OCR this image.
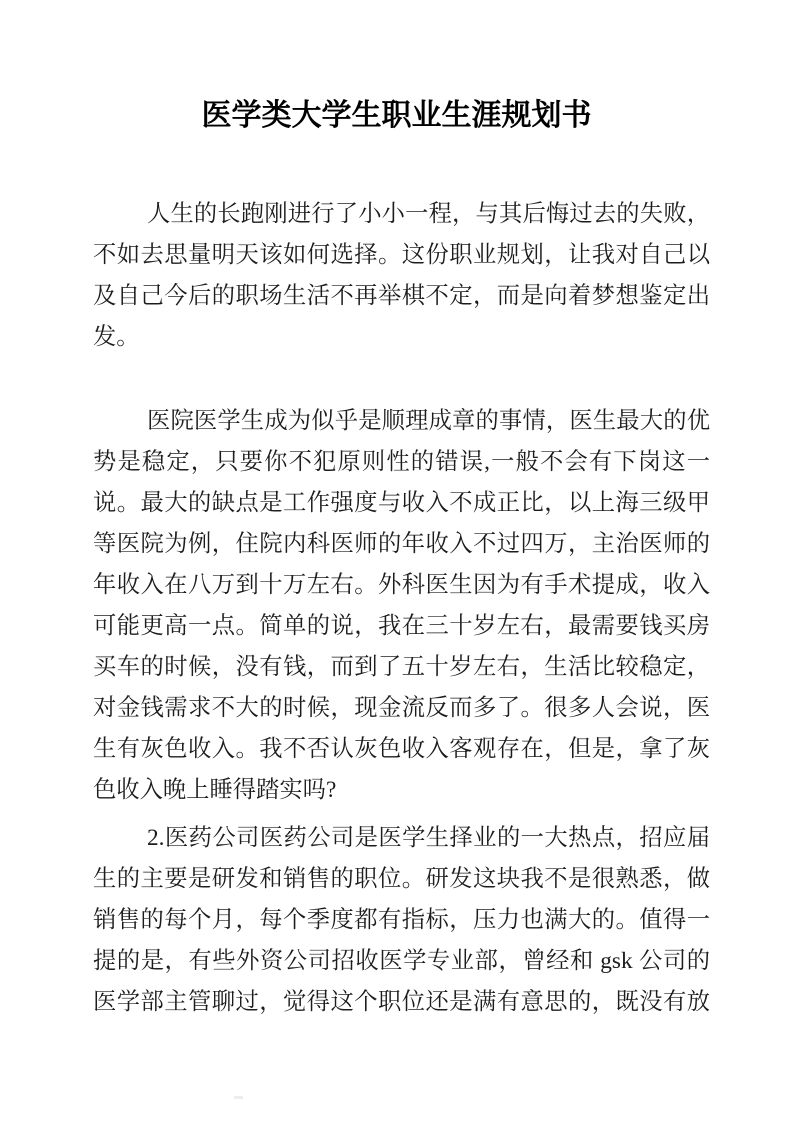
医学类大学生职业生涯规划书
人生的长跑刚进行了小小一程，与其后悔过去的失败，
不如去思量明天该如何选择。这份职业规划，让我对自己以
及自己今后的职场生活不再举棋不定，而是向着梦想鉴定出
发。
医院医学生成为似乎是顺理成章的事情，医生最大的优
势是稳定，只要你不犯原则性的错误,一般不会有下岗这一
说。最大的缺点是工作强度与收入不成正比，以上海三级甲
等医院为例，住院内科医师的年收入不过四万，主治医师的
年收入在八万到十万左右。外科医生因为有手术提成，收入
可能更高一点。简单的说，我在三十岁左右，最需要钱买房
买车的时候，没有钱，而到了五十岁左右，生活比较稳定，
对金钱需求不大的时候，现金流反而多了。很多人会说，医
生有灰色收入。我不否认灰色收入客观存在，但是，拿了灰
色收入晚上睡得踏实吗?
2.医药公司医药公司是医学生择业的一大热点，招应届
生的主要是研发和销售的职位。研发这块我不是很熟悉，做
销售的每个月，每个季度都有指标，压力也满大的。值得一
提的是，有些外资公司招收医学专业部，曾经和 gsk 公司的
医学部主管聊过，觉得这个职位还是满有意思的，既没有放
